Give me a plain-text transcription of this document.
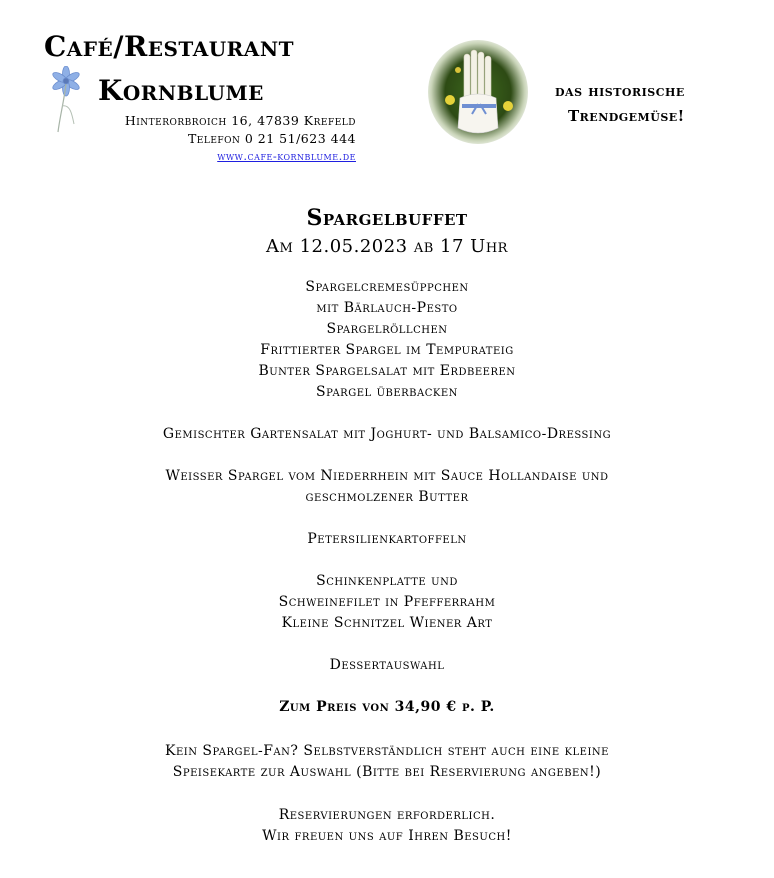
Café/Restaurant
Kornblume
Hinterorbroich 16, 47839 Krefeld
Telefon 0 21 51/623 444
www.cafe-kornblume.de
das historische
Trendgemüse!
Spargelbuffet
Am 12.05.2023 ab 17 Uhr
Spargelcremesüppchen
mit Bärlauch-Pesto
Spargelröllchen
Frittierter Spargel im Tempurateig
Bunter Spargelsalat mit Erdbeeren
Spargel überbacken
Gemischter Gartensalat mit Joghurt- und Balsamico-Dressing
Weisser Spargel vom Niederrhein mit Sauce Hollandaise und
geschmolzener Butter
Petersilienkartoffeln
Schinkenplatte und
Schweinefilet in Pfefferrahm
Kleine Schnitzel Wiener Art
Dessertauswahl
Zum Preis von 34,90 € p. P.
Kein Spargel-Fan? Selbstverständlich steht auch eine kleine
Speisekarte zur Auswahl (Bitte bei Reservierung angeben!)
Reservierungen erforderlich.
Wir freuen uns auf Ihren Besuch!
